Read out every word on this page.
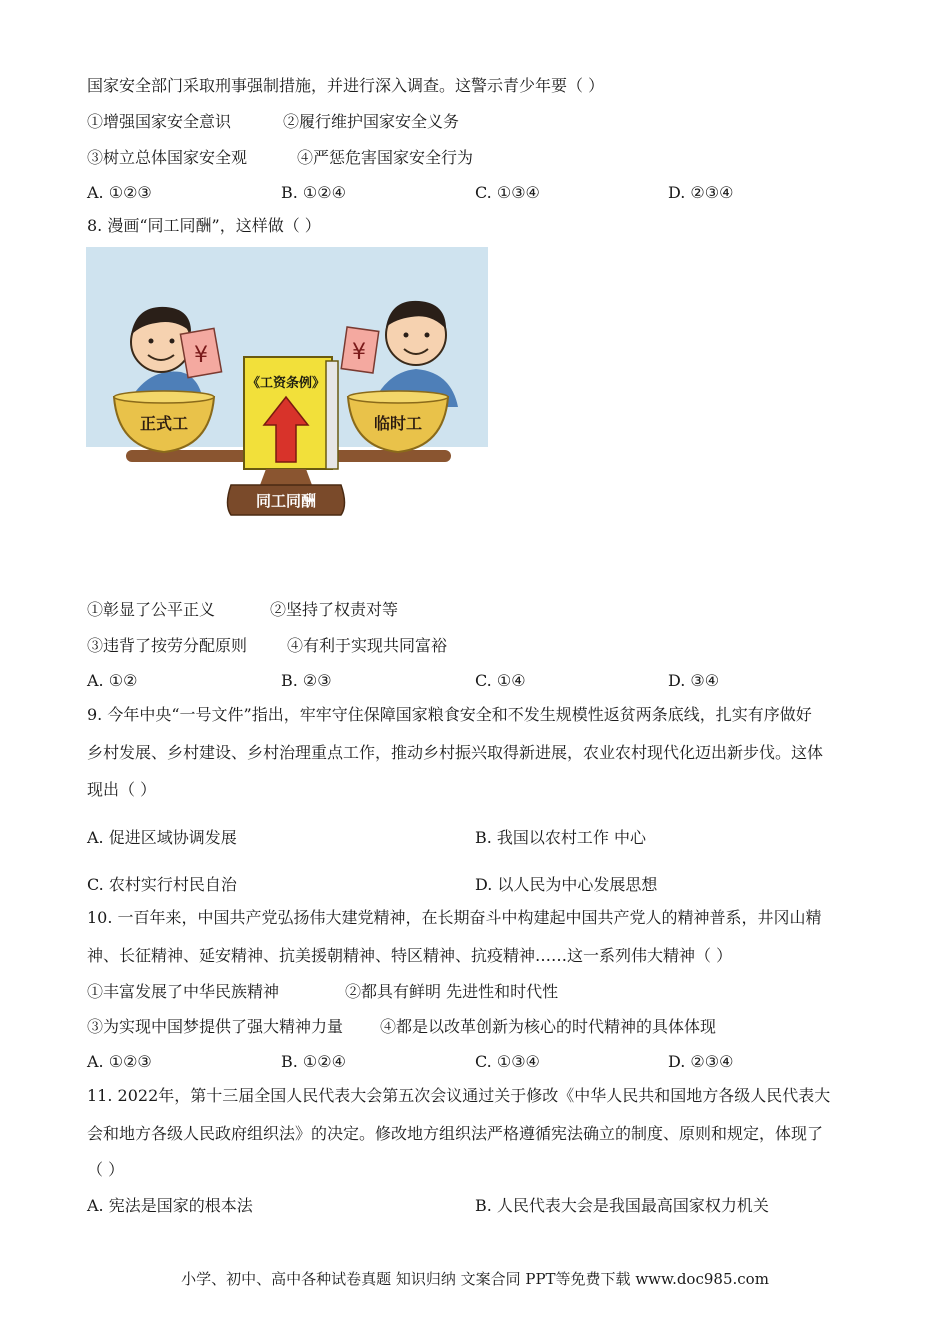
国家安全部门采取刑事强制措施，并进行深入调查。这警示青少年要（ ）
①增强国家安全意识	②履行维护国家安全义务
③树立总体国家安全观	④严惩危害国家安全行为
A. ①②③	B. ①②④	C. ①③④	D. ②③④
8. 漫画“同工同酬”，这样做（ ）
¥	¥
正式工	临时工
《工资条例》
同工同酬
①彰显了公平正义	②坚持了权责对等
③违背了按劳分配原则 ④有利于实现共同富裕
A. ①②	B. ②③	C. ①④	D. ③④
9. 今年中央“一号文件”指出，牢牢守住保障国家粮食安全和不发生规模性返贫两条底线，扎实有序做好
乡村发展、乡村建设、乡村治理重点工作，推动乡村振兴取得新进展，农业农村现代化迈出新步伐。这体
现出（ ）
A. 促进区域协调发展	B. 我国以农村工作 中心
C. 农村实行村民自治	D. 以人民为中心发展思想
10. 一百年来，中国共产党弘扬伟大建党精神，在长期奋斗中构建起中国共产党人的精神普系，井冈山精
神、长征精神、延安精神、抗美援朝精神、特区精神、抗疫精神……这一系列伟大精神（ ）
①丰富发展了中华民族精神	②都具有鲜明 先进性和时代性
③为实现中国梦提供了强大精神力量 ④都是以改革创新为核心的时代精神的具体体现
A. ①②③	B. ①②④	C. ①③④	D. ②③④
11. 2022年，第十三届全国人民代表大会第五次会议通过关于修改《中华人民共和国地方各级人民代表大
会和地方各级人民政府组织法》的决定。修改地方组织法严格遵循宪法确立的制度、原则和规定，体现了
（ ）
A. 宪法是国家的根本法	B. 人民代表大会是我国最高国家权力机关
小学、初中、高中各种试卷真题 知识归纳 文案合同 PPT等免费下载 www.doc985.com
